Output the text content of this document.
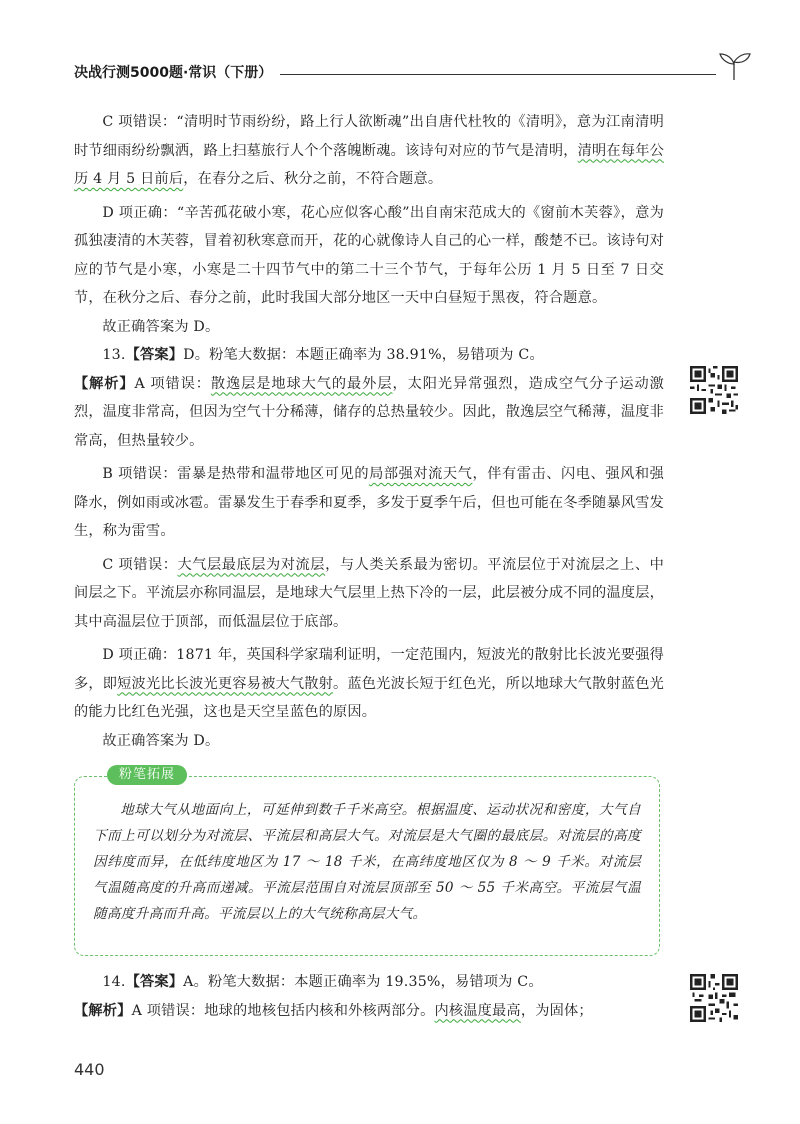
决战行测5000题·常识（下册）

C 项错误：“清明时节雨纷纷，路上行人欲断魂”出自唐代杜牧的《清明》，意为江南清明时节细雨纷纷飘洒，路上扫墓旅行人个个落魄断魂。该诗句对应的节气是清明，清明在每年公历 4 月 5 日前后，在春分之后、秋分之前，不符合题意。

D 项正确：“辛苦孤花破小寒，花心应似客心酸”出自南宋范成大的《窗前木芙蓉》，意为孤独凄清的木芙蓉，冒着初秋寒意而开，花的心就像诗人自己的心一样，酸楚不已。该诗句对应的节气是小寒，小寒是二十四节气中的第二十三个节气，于每年公历 1 月 5 日至 7 日交节，在秋分之后、春分之前，此时我国大部分地区一天中白昼短于黑夜，符合题意。

故正确答案为 D。

13.【答案】D。粉笔大数据：本题正确率为 38.91%，易错项为 C。

【解析】A 项错误：散逸层是地球大气的最外层，太阳光异常强烈，造成空气分子运动激烈，温度非常高，但因为空气十分稀薄，储存的总热量较少。因此，散逸层空气稀薄，温度非常高，但热量较少。

B 项错误：雷暴是热带和温带地区可见的局部强对流天气，伴有雷击、闪电、强风和强降水，例如雨或冰雹。雷暴发生于春季和夏季，多发于夏季午后，但也可能在冬季随暴风雪发生，称为雷雪。

C 项错误：大气层最底层为对流层，与人类关系最为密切。平流层位于对流层之上、中间层之下。平流层亦称同温层，是地球大气层里上热下冷的一层，此层被分成不同的温度层，其中高温层位于顶部，而低温层位于底部。

D 项正确：1871 年，英国科学家瑞利证明，一定范围内，短波光的散射比长波光要强得多，即短波光比长波光更容易被大气散射。蓝色光波长短于红色光，所以地球大气散射蓝色光的能力比红色光强，这也是天空呈蓝色的原因。

故正确答案为 D。

粉笔拓展

地球大气从地面向上，可延伸到数千千米高空。根据温度、运动状况和密度，大气自下而上可以划分为对流层、平流层和高层大气。对流层是大气圈的最底层。对流层的高度因纬度而异，在低纬度地区为 17 ～ 18 千米，在高纬度地区仅为 8 ～ 9 千米。对流层气温随高度的升高而递减。平流层范围自对流层顶部至 50 ～ 55 千米高空。平流层气温随高度升高而升高。平流层以上的大气统称高层大气。

14.【答案】A。粉笔大数据：本题正确率为 19.35%，易错项为 C。

【解析】A 项错误：地球的地核包括内核和外核两部分。内核温度最高，为固体；

440
